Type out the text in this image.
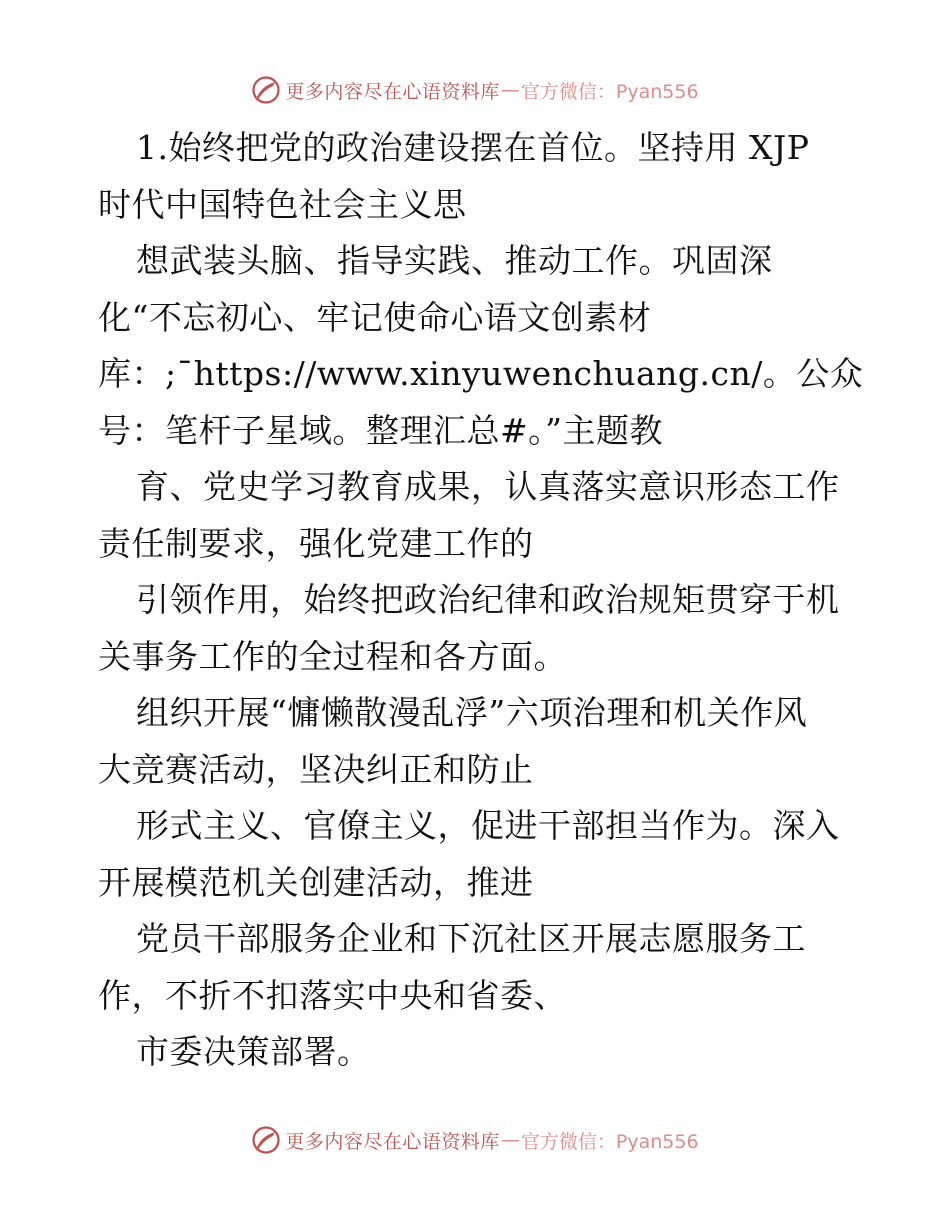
更多内容尽在心语资料库 — 官方微信：Pyan556
1.始终把党的政治建设摆在首位。坚持用 XJP
时代中国特色社会主义思
想武装头脑、指导实践、推动工作。巩固深
化“不忘初心、牢记使命心语文创素材
库：;¯https://www.xinyuwenchuang.cn/。公众
号：笔杆子星域。整理汇总#。”主题教
育、党史学习教育成果，认真落实意识形态工作
责任制要求，强化党建工作的
引领作用，始终把政治纪律和政治规矩贯穿于机
关事务工作的全过程和各方面。
组织开展“慵懒散漫乱浮”六项治理和机关作风
大竞赛活动，坚决纠正和防止
形式主义、官僚主义，促进干部担当作为。深入
开展模范机关创建活动，推进
党员干部服务企业和下沉社区开展志愿服务工
作，不折不扣落实中央和省委、
市委决策部署。
更多内容尽在心语资料库 — 官方微信：Pyan556
